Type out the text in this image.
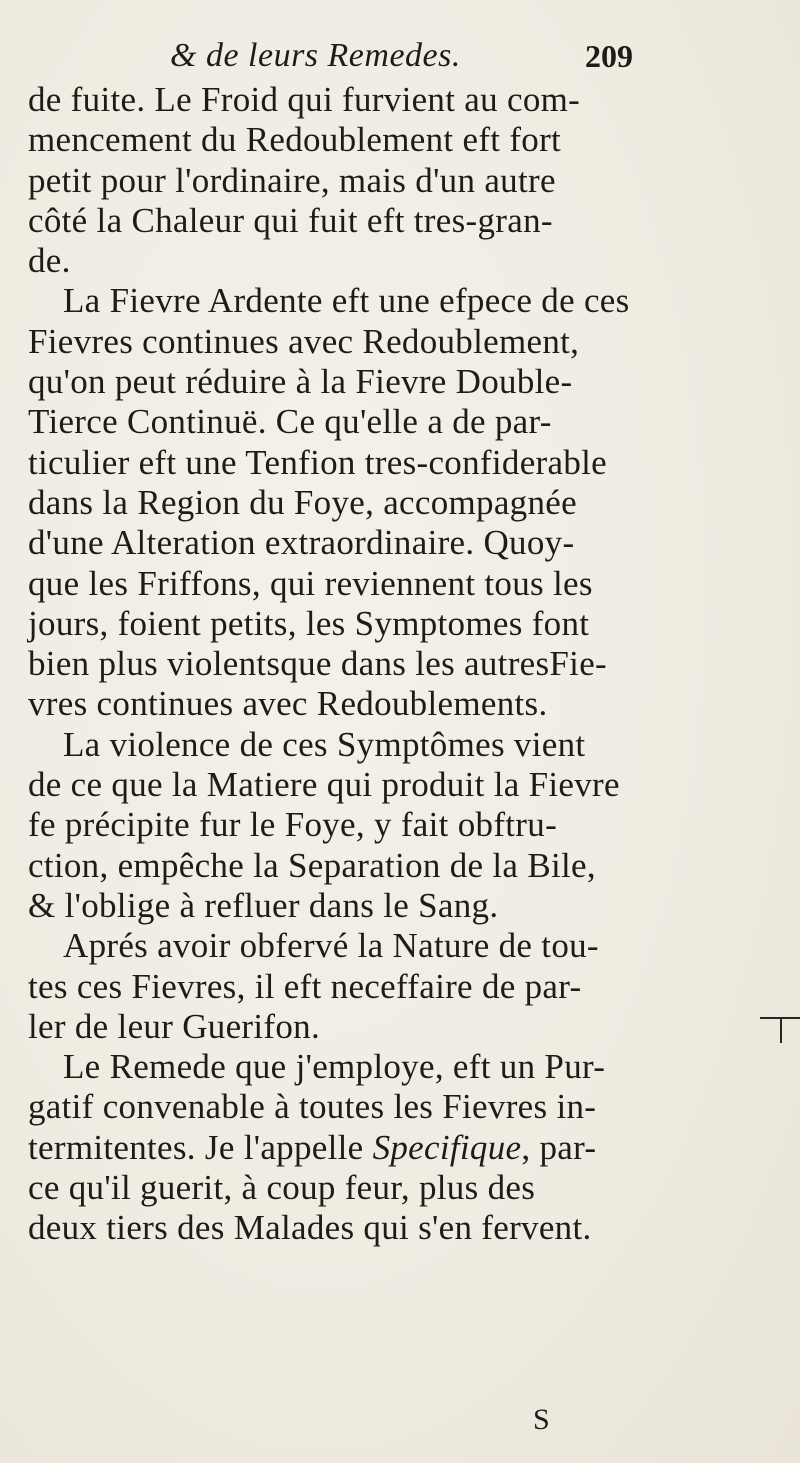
& de leurs Remedes.	209
de fuite. Le Froid qui furvient au com-
mencement du Redoublement eft fort
petit pour l'ordinaire, mais d'un autre
côté la Chaleur qui fuit eft tres-gran-
de.
La Fievre Ardente eft une efpece de ces
Fievres continues avec Redoublement,
qu'on peut réduire à la Fievre Double-
Tierce Continuë. Ce qu'elle a de par-
ticulier eft une Tenfion tres-confiderable
dans la Region du Foye, accompagnée
d'une Alteration extraordinaire. Quoy-
que les Friffons, qui reviennent tous les
jours, foient petits, les Symptomes font
bien plus violentsque dans les autresFie-
vres continues avec Redoublements.
La violence de ces Symptômes vient
de ce que la Matiere qui produit la Fievre
fe précipite fur le Foye, y fait obftru-
ction, empêche la Separation de la Bile,
& l'oblige à refluer dans le Sang.
Aprés avoir obfervé la Nature de tou-
tes ces Fievres, il eft neceffaire de par-
ler de leur Guerifon.
Le Remede que j'employe, eft un Pur-
gatif convenable à toutes les Fievres in-
termitentes. Je l'appelle Specifique, par-
ce qu'il guerit, à coup feur, plus des
deux tiers des Malades qui s'en fervent.
S
